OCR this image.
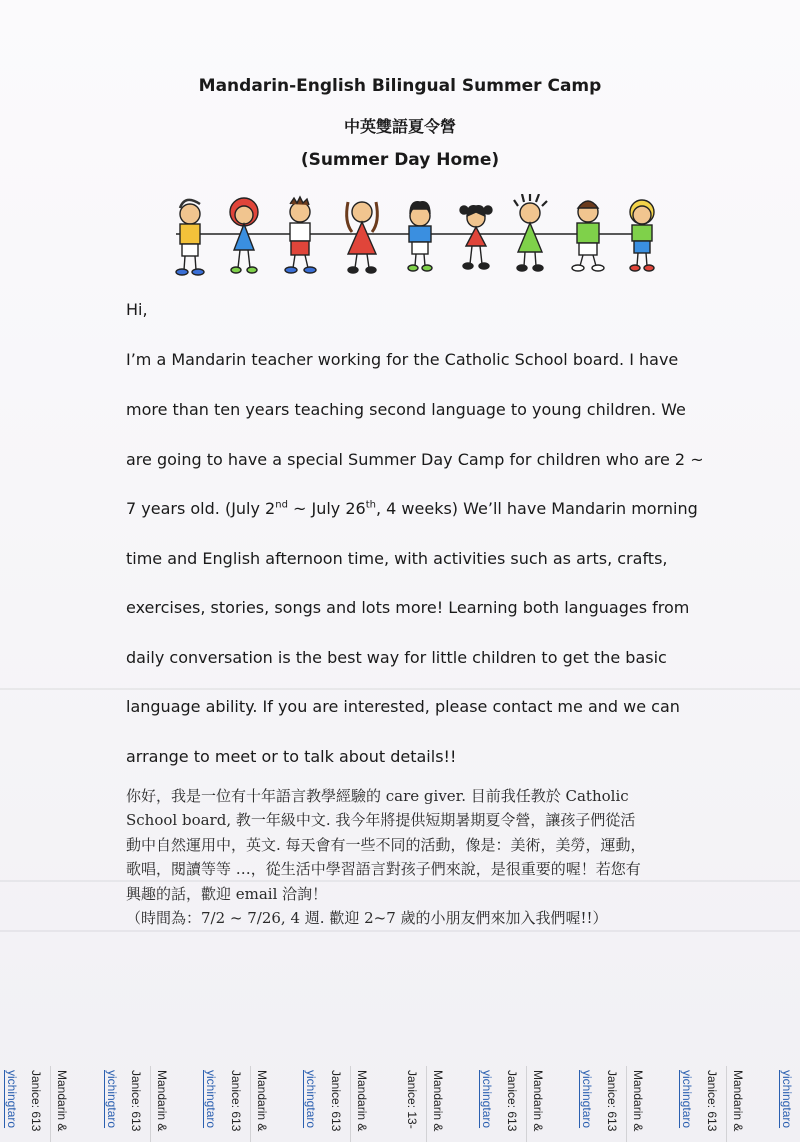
Mandarin-English Bilingual Summer Camp
中英雙語夏令營
(Summer Day Home)
Hi,
I’m a Mandarin teacher working for the Catholic School board. I have
more than ten years teaching second language to young children. We
are going to have a special Summer Day Camp for children who are 2 ~
7 years old. (July 2nd ~ July 26th, 4 weeks) We’ll have Mandarin morning
time and English afternoon time, with activities such as arts, crafts,
exercises, stories, songs and lots more! Learning both languages from
daily conversation is the best way for little children to get the basic
language ability. If you are interested, please contact me and we can
arrange to meet or to talk about details!!
你好，我是一位有十年語言教學經驗的 care giver. 目前我任教於 Catholic
School board, 教一年級中文. 我今年將提供短期暑期夏令營，讓孩子們從活
動中自然運用中，英文. 每天會有一些不同的活動，像是：美術，美勞，運動，
歌唱，閱讀等等 …，從生活中學習語言對孩子們來說，是很重要的喔！若您有
興趣的話，歡迎 email 洽詢！
（時間為：7/2 ~ 7/26, 4 週. 歡迎 2~7 歲的小朋友們來加入我們喔!!）
yichingtaro Janice: 613 Mandarin &	yichingtaro Janice: 613 Mandarin &	yichingtaro Janice: 613 Mandarin &	yichingtaro Janice: 613 Mandarin &	Janice: 13- Mandarin &	yichingtaro Janice: 613 Mandarin &	yichingtaro Janice: 613 Mandarin &	yichingtaro Janice: 613 Mandarin &	yichingtaro
